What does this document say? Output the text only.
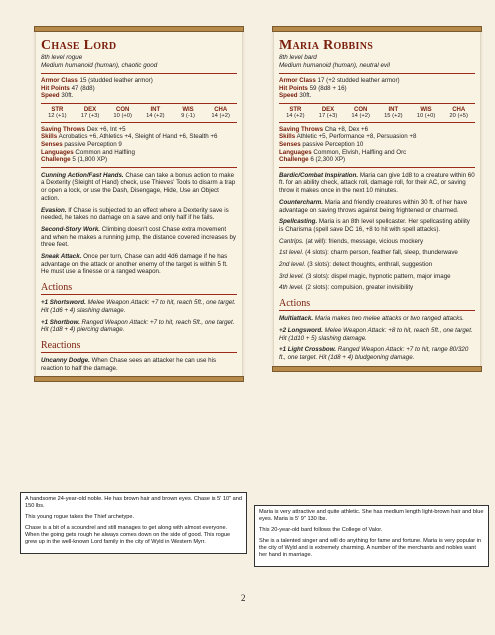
Chase Lord
8th level rogue
Medium humanoid (human), chaotic good
Armor Class 15 (studded leather armor)
Hit Points 47 (8d8)
Speed 30ft.
STR
12 (+1)
DEX
17 (+3)
CON
10 (+0)
INT
14 (+2)
WIS
9 (-1)
CHA
14 (+2)
Saving Throws Dex +6, Int +5
Skills Acrobatics +6, Athletics +4, Sleight of Hand +6, Stealth +6
Senses passive Perception 9
Languages Common and Halfling
Challenge 5 (1,800 XP)

Cunning Action/Fast Hands. Chase can take a bonus action to make a Dexterity (Sleight of Hand) check, use Thieves' Tools to disarm a trap or open a lock, or use the Dash, Disengage, Hide, Use an Object action.

Evasion. If Chase is subjected to an effect where a Dexterity save is needed, he takes no damage on a save and only half if he fails.

Second-Story Work. Climbing doesn't cost Chase extra movement and when he makes a running jump, the distance covered increases by three feet.

Sneak Attack. Once per turn, Chase can add 4d6 damage if he has advantage on the attack or another enemy of the target is within 5 ft. He must use a finesse or a ranged weapon.

Actions

+1 Shortsword. Melee Weapon Attack: +7 to hit, reach 5ft., one target. Hit (1d6 + 4) slashing damage.

+1 Shortbow. Ranged Weapon Attack: +7 to hit, reach 5ft., one target. Hit (1d8 + 4) piercing damage.

Reactions

Uncanny Dodge. When Chase sees an attacker he can use his reaction to half the damage.

Maria Robbins
8th level bard
Medium humanoid (human), neutral evil
Armor Class 17 (+2 studded leather armor)
Hit Points 59 (8d8 + 16)
Speed 30ft.
STR
14 (+2)
DEX
17 (+3)
CON
14 (+2)
INT
15 (+2)
WIS
10 (+0)
CHA
20 (+5)
Saving Throws Cha +8, Dex +6
Skills Athletic +5, Performance +8, Persuasion +8
Senses passive Perception 10
Languages Common, Elvish, Halfling and Orc
Challenge 6 (2,300 XP)

Bardic/Combat Inspiration. Maria can give 1d8 to a creature within 60 ft. for an ability check, attack roll, damage roll, for their AC, or saving throw it makes once in the next 10 minutes.

Countercharm. Maria and friendly creatures within 30 ft. of her have advantage on saving throws against being frightened or charmed.

Spellcasting. Maria is an 8th level spellcaster. Her spellcasting ability is Charisma (spell save DC 16, +8 to hit with spell attacks).

Cantrips. (at will): friends, message, vicious mockery

1st level. (4 slots): charm person, feather fall, sleep, thunderwave

2nd level. (3 slots): detect thoughts, enthrall, suggestion

3rd level. (3 slots): dispel magic, hypnotic pattern, major image

4th level. (2 slots): compulsion, greater invisibility

Actions

Multiattack. Maria makes two melee attacks or two ranged attacks.

+2 Longsword. Melee Weapon Attack: +8 to hit, reach 5ft., one target. Hit (1d10 + 5) slashing damage.

+1 Light Crossbow. Ranged Weapon Attack: +7 to hit, range 80/320 ft., one target. Hit (1d8 + 4) bludgeoning damage.

A handsome 24-year-old noble. He has brown hair and brown eyes. Chase is 5' 10" and 150 lbs.

This young rogue takes the Thief archetype.

Chase is a bit of a scoundrel and still manages to get along with almost everyone. When the going gets rough he always comes down on the side of good. This rogue grew up in the well-known Lord family in the city of Wyld in Western Myrr.

Maria is very attractive and quite athletic. She has medium length light-brown hair and blue eyes. Maria is 5' 9" 130 lbs.

This 20-year-old bard follows the College of Valor.

She is a talented singer and will do anything for fame and fortune. Maria is very popular in the city of Wyld and is extremely charming. A number of the merchants and nobles want her hand in marriage.

2
